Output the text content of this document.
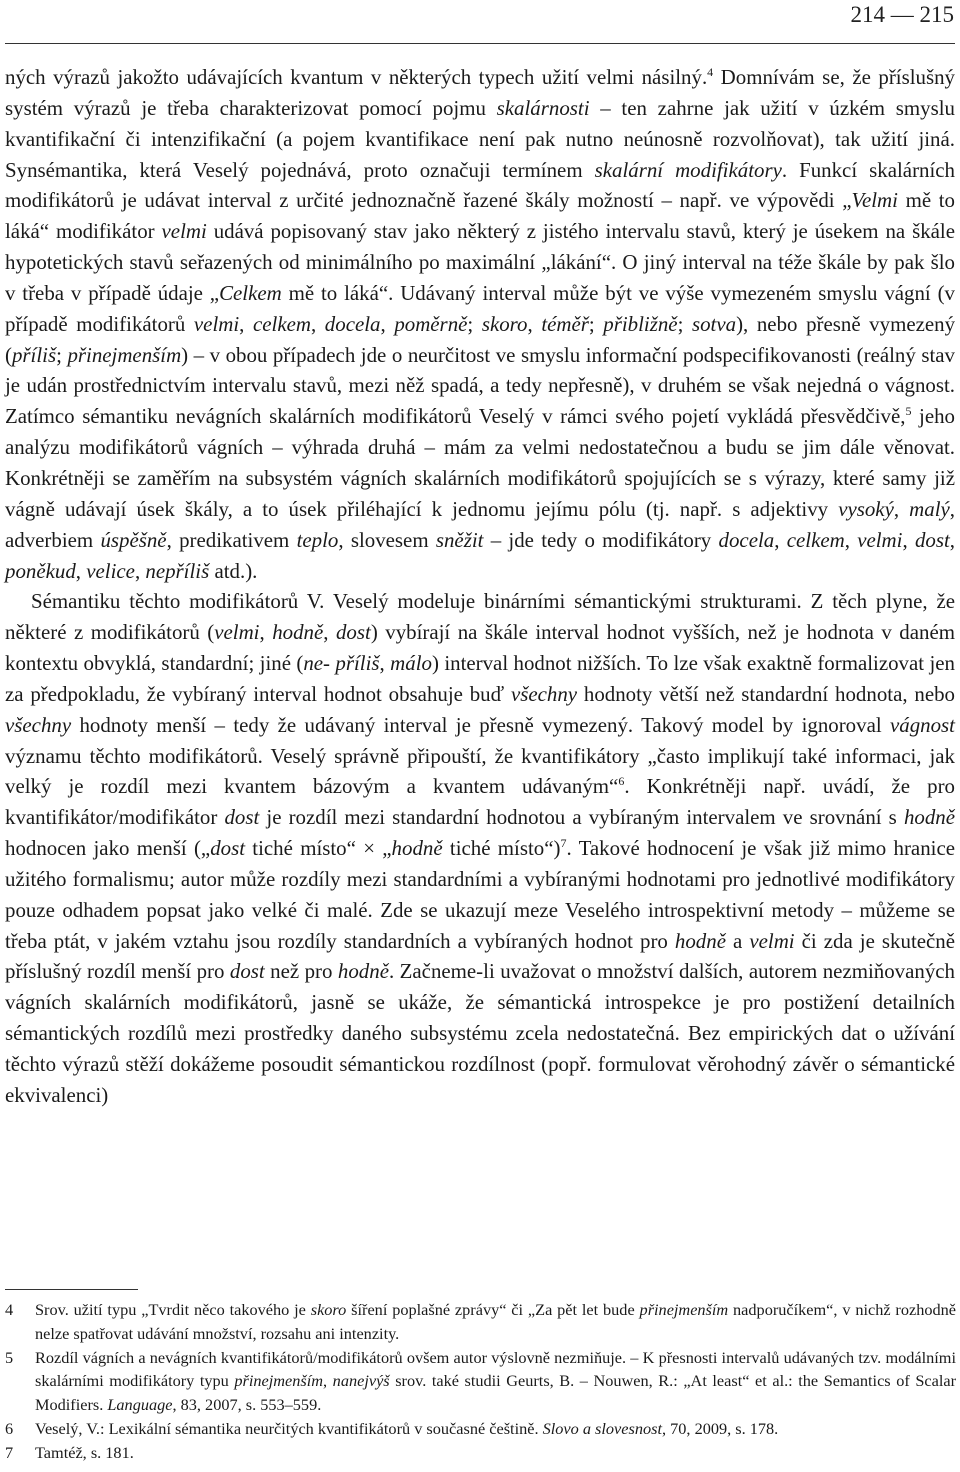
214 — 215

ných výrazů jakožto udávajících kvantum v některých typech užití velmi násilný.$^4$ Domnívám se, že příslušný systém výrazů je třeba charakterizovat pomocí pojmu skalárnosti – ten zahrne jak užití v úzkém smyslu kvantifikační či intenzifikační (a pojem kvantifikace není pak nutno neúnosně rozvolňovat), tak užití jiná. Synsémantika, která Veselý pojednává, proto označuji termínem skalární modifikátory. Funkcí skalárních modifikátorů je udávat interval z určité jednoznačně řazené škály možností – např. ve výpovědi „Velmi mě to láká“ modifikátor velmi udává popisovaný stav jako některý z jistého intervalu stavů, který je úsekem na škále hypotetických stavů seřazených od minimálního po maximální „lákání“. O jiný interval na téže škále by pak šlo v třeba v případě údaje „Celkem mě to láká“. Udávaný interval může být ve výše vymezeném smyslu vágní (v případě modifikátorů velmi, celkem, docela, poměrně; skoro, téměř; přibližně; sotva), nebo přesně vymezený (příliš; přinejmenším) – v obou případech jde o neurčitost ve smyslu informační podspecifikovanosti (reálný stav je udán prostřednictvím intervalu stavů, mezi něž spadá, a tedy nepřesně), v druhém se však nejedná o vágnost. Zatímco sémantiku nevágních skalárních modifikátorů Veselý v rámci svého pojetí vykládá přesvědčivě,$^5$ jeho analýzu modifikátorů vágních – výhrada druhá – mám za velmi nedostatečnou a budu se jim dále věnovat. Konkrétněji se zaměřím na subsystém vágních skalárních modifikátorů spojujících se s výrazy, které samy již vágně udávají úsek škály, a to úsek přiléhající k jednomu jejímu pólu (tj. např. s adjektivy vysoký, malý, adverbiem úspěšně, predikativem teplo, slovesem sněžit – jde tedy o modifikátory docela, celkem, velmi, dost, poněkud, velice, nepříliš atd.).

Sémantiku těchto modifikátorů V. Veselý modeluje binárními sémantickými strukturami. Z těch plyne, že některé z modifikátorů (velmi, hodně, dost) vybírají na škále interval hodnot vyšších, než je hodnota v daném kontextu obvyklá, standardní; jiné (ne- příliš, málo) interval hodnot nižších. To lze však exaktně formalizovat jen za předpokladu, že vybíraný interval hodnot obsahuje buď všechny hodnoty větší než standardní hodnota, nebo všechny hodnoty menší – tedy že udávaný interval je přesně vymezený. Takový model by ignoroval vágnost významu těchto modifikátorů. Veselý správně připouští, že kvantifikátory „často implikují také informaci, jak velký je rozdíl mezi kvantem bázovým a kvantem udávaným“$^6$. Konkrétněji např. uvádí, že pro kvantifikátor/modifikátor dost je rozdíl mezi standardní hodnotou a vybíraným intervalem ve srovnání s hodně hodnocen jako menší („dost tiché místo“ × „hodně tiché místo“)$^7$. Takové hodnocení je však již mimo hranice užitého formalismu; autor může rozdíly mezi standardními a vybíranými hodnotami pro jednotlivé modifikátory pouze odhadem popsat jako velké či malé. Zde se ukazují meze Veselého introspektivní metody – můžeme se třeba ptát, v jakém vztahu jsou rozdíly standardních a vybíraných hodnot pro hodně a velmi či zda je skutečně příslušný rozdíl menší pro dost než pro hodně. Začneme-li uvažovat o množství dalších, autorem nezmiňovaných vágních skalárních modifikátorů, jasně se ukáže, že sémantická introspekce je pro postižení detailních sémantických rozdílů mezi prostředky daného subsystému zcela nedostatečná. Bez empirických dat o užívání těchto výrazů stěží dokážeme posoudit sémantickou rozdílnost (popř. formulovat věrohodný závěr o sémantické ekvivalenci)

4	Srov. užití typu „Tvrdit něco takového je skoro šíření poplašné zprávy“ či „Za pět let bude přinejmenším nadporučíkem“, v nichž rozhodně nelze spatřovat udávání množství, rozsahu ani intenzity.
5	Rozdíl vágních a nevágních kvantifikátorů/modifikátorů ovšem autor výslovně nezmiňuje. – K přesnosti intervalů udávaných tzv. modálními skalárními modifikátory typu přinejmenším, nanejvýš srov. také studii Geurts, B. – Nouwen, R.: „At least“ et al.: the Semantics of Scalar Modifiers. Language, 83, 2007, s. 553–559.
6	Veselý, V.: Lexikální sémantika neurčitých kvantifikátorů v současné češtině. Slovo a slovesnost, 70, 2009, s. 178.
7	Tamtéž, s. 181.
